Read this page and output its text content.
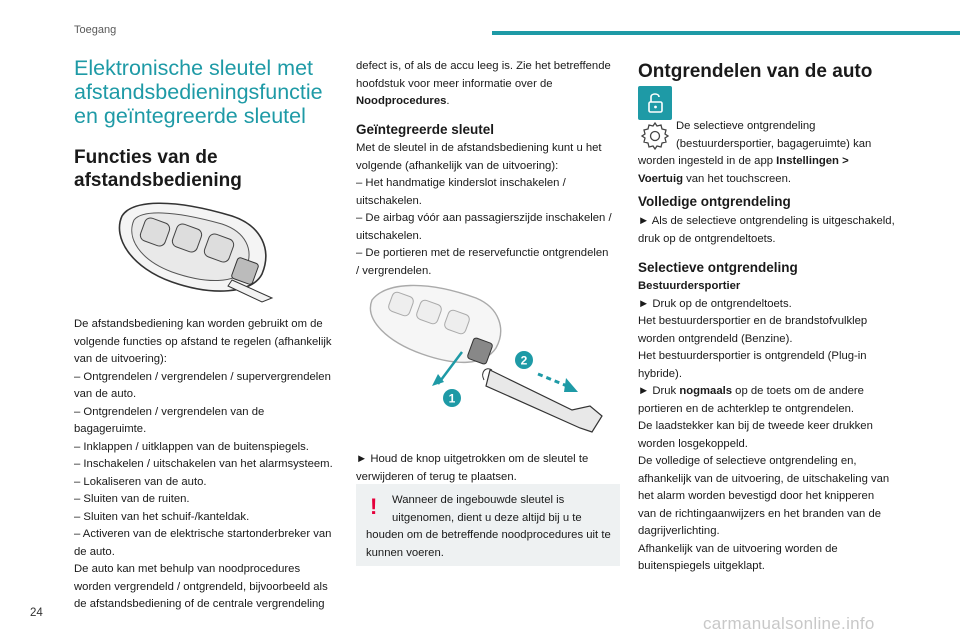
Toegang
Elektronische sleutel met afstandsbedieningsfunctie en geïntegreerde sleutel
Functies van de afstandsbediening

De afstandsbediening kan worden gebruikt om de

volgende functies op afstand te regelen (afhankelijk

van de uitvoering):

– Ontgrendelen / vergrendelen / supervergrendelen

van de auto.

– Ontgrendelen / vergrendelen van de

bagageruimte.

– Inklappen / uitklappen van de buitenspiegels.

– Inschakelen / uitschakelen van het alarmsysteem.

– Lokaliseren van de auto.

– Sluiten van de ruiten.

– Sluiten van het schuif-/kanteldak.

– Activeren van de elektrische startonderbreker van

de auto.

De auto kan met behulp van noodprocedures

worden vergrendeld / ontgrendeld, bijvoorbeeld als

de afstandsbediening of de centrale vergrendeling

defect is, of als de accu leeg is. Zie het betreffende

hoofdstuk voor meer informatie over de

Noodprocedures.

Geïntegreerde sleutel

Met de sleutel in de afstandsbediening kunt u het

volgende (afhankelijk van de uitvoering):

– Het handmatige kinderslot inschakelen /

uitschakelen.

– De airbag vóór aan passagierszijde inschakelen /

uitschakelen.

– De portieren met de reservefunctie ontgrendelen

/ vergrendelen.

2
1

► Houd de knop uitgetrokken om de sleutel te

verwijderen of terug te plaatsen.

!	Wanneer de ingebouwde sleutel is

uitgenomen, dient u deze altijd bij u te

houden om de betreffende noodprocedures uit te

kunnen voeren.

Ontgrendelen van de auto

De selectieve ontgrendeling

(bestuurdersportier, bagageruimte) kan

worden ingesteld in de app Instellingen >

Voertuig van het touchscreen.

Volledige ontgrendeling

► Als de selectieve ontgrendeling is uitgeschakeld,

druk op de ontgrendeltoets.

Selectieve ontgrendeling

Bestuurdersportier

► Druk op de ontgrendeltoets.

Het bestuurdersportier en de brandstofvulklep

worden ontgrendeld (Benzine).

Het bestuurdersportier is ontgrendeld (Plug-in

hybride).

► Druk nogmaals op de toets om de andere

portieren en de achterklep te ontgrendelen.

De laadstekker kan bij de tweede keer drukken

worden losgekoppeld.

De volledige of selectieve ontgrendeling en,

afhankelijk van de uitvoering, de uitschakeling van

het alarm worden bevestigd door het knipperen

van de richtingaanwijzers en het branden van de

dagrijverlichting.

Afhankelijk van de uitvoering worden de

buitenspiegels uitgeklapt.

24
carmanualsonline.info
